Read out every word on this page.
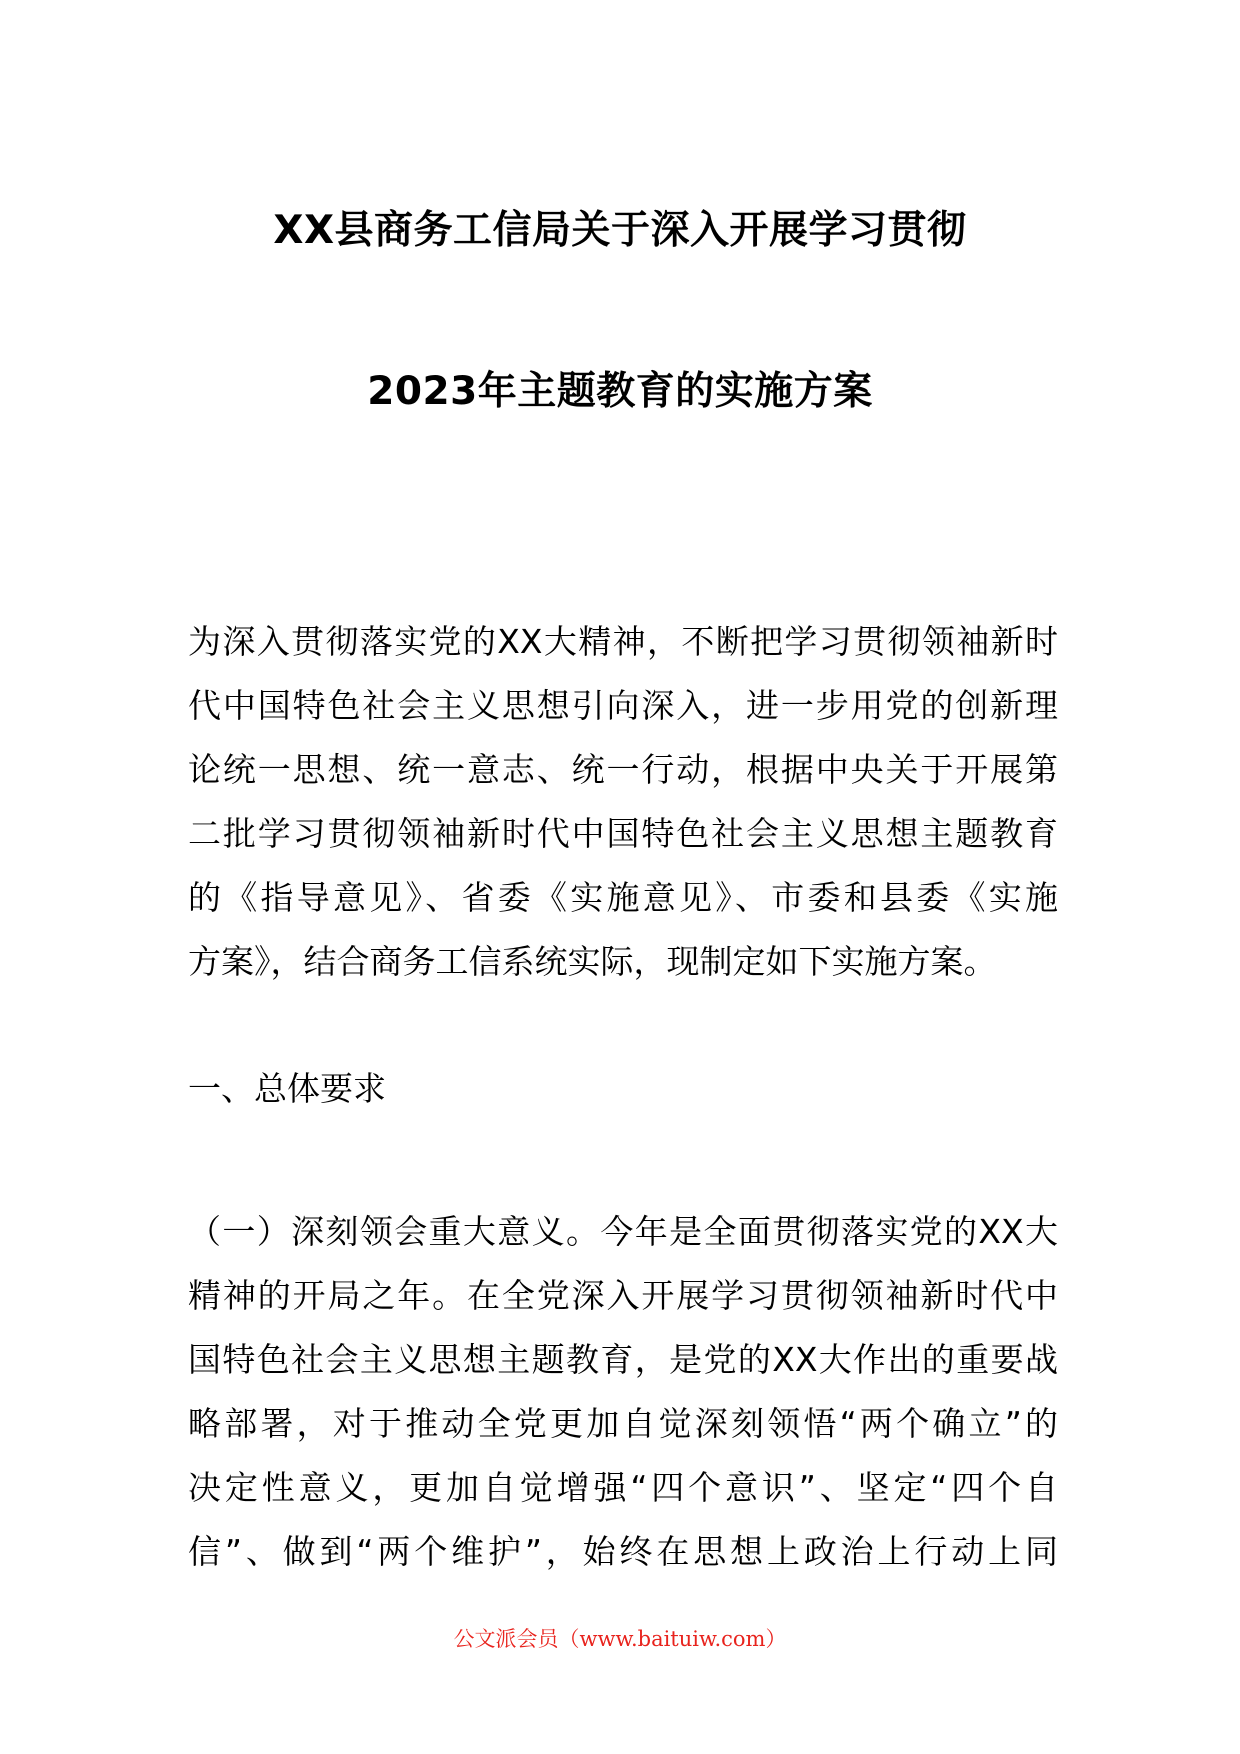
XX县商务工信局关于深入开展学习贯彻
2023年主题教育的实施方案
为深入贯彻落实党的XX大精神，不断把学习贯彻领袖新时
代中国特色社会主义思想引向深入，进一步用党的创新理
论统一思想、统一意志、统一行动，根据中央关于开展第
二批学习贯彻领袖新时代中国特色社会主义思想主题教育
的《指导意见》、省委《实施意见》、市委和县委《实施
方案》，结合商务工信系统实际，现制定如下实施方案。
一、总体要求
（一）深刻领会重大意义。今年是全面贯彻落实党的XX大
精神的开局之年。在全党深入开展学习贯彻领袖新时代中
国特色社会主义思想主题教育，是党的XX大作出的重要战
略部署，对于推动全党更加自觉深刻领悟“两个确立”的
决定性意义，更加自觉增强“四个意识”、坚定“四个自
信”、做到“两个维护”，始终在思想上政治上行动上同
公文派会员（www.baituiw.com）
